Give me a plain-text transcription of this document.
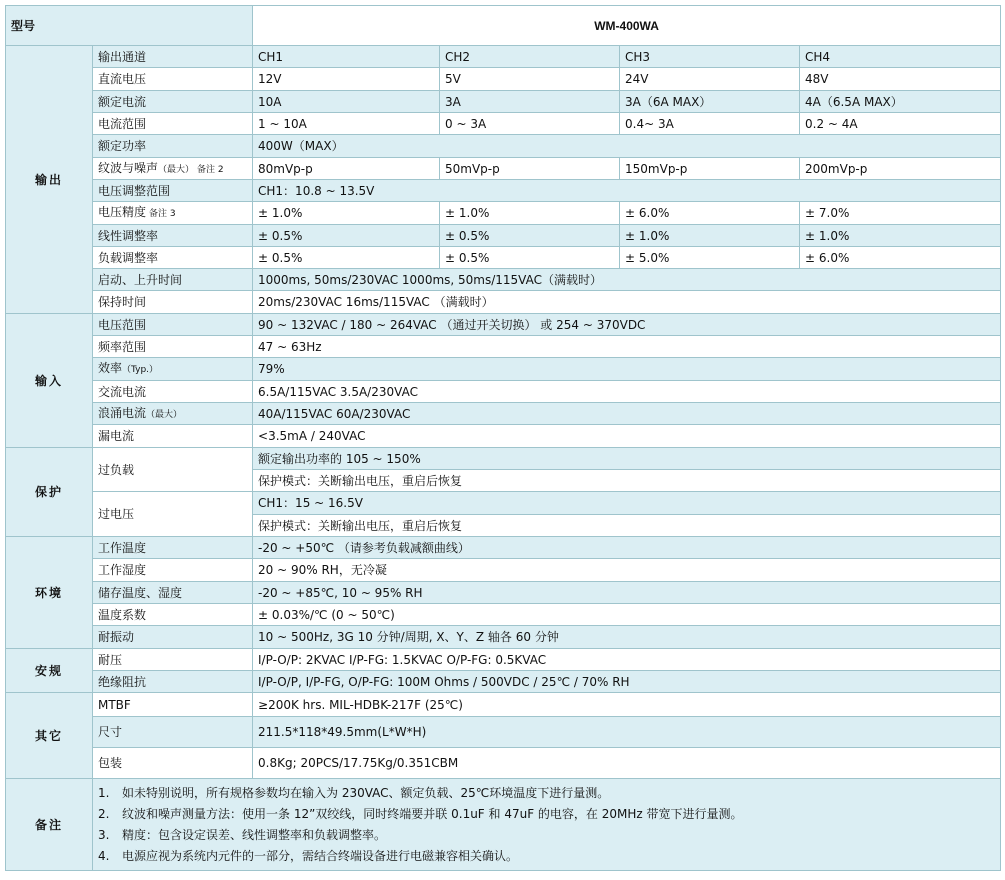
型号		WM-400WA			
输出	输出通道	CH1	CH2	CH3	CH4
	直流电压	12V	5V	24V	48V
	额定电流	10A	3A	3A（6A MAX）	4A（6.5A MAX）
	电流范围	1 ~ 10A	0 ~ 3A	0.4~ 3A	0.2 ~ 4A
	额定功率	400W（MAX）			
	纹波与噪声（最大） 备注 2	80mVp-p	50mVp-p	150mVp-p	200mVp-p
	电压调整范围	CH1：10.8 ~ 13.5V			
	电压精度 备注 3	± 1.0%	± 1.0%	± 6.0%	± 7.0%
	线性调整率	± 0.5%	± 0.5%	± 1.0%	± 1.0%
	负载调整率	± 0.5%	± 0.5%	± 5.0%	± 6.0%
	启动、上升时间	1000ms, 50ms/230VAC 1000ms, 50ms/115VAC（满载时）			
	保持时间	20ms/230VAC 16ms/115VAC （满载时）			
输入	电压范围	90 ~ 132VAC / 180 ~ 264VAC （通过开关切换） 或 254 ~ 370VDC			
	频率范围	47 ~ 63Hz			
	效率（Typ.）	79%			
	交流电流	6.5A/115VAC 3.5A/230VAC			
	浪涌电流（最大）	40A/115VAC 60A/230VAC			
	漏电流	<3.5mA / 240VAC			
保护	过负载	额定输出功率的 105 ~ 150%			
		保护模式：关断输出电压，重启后恢复			
	过电压	CH1：15 ~ 16.5V			
		保护模式：关断输出电压，重启后恢复			
环境	工作温度	-20 ~ +50℃ （请参考负载减额曲线）			
	工作湿度	20 ~ 90% RH，无冷凝			
	储存温度、湿度	-20 ~ +85℃, 10 ~ 95% RH			
	温度系数	± 0.03%/℃ (0 ~ 50℃)			
	耐振动	10 ~ 500Hz, 3G 10 分钟/周期, X、Y、Z 轴各 60 分钟			
安规	耐压	I/P-O/P: 2KVAC I/P-FG: 1.5KVAC O/P-FG: 0.5KVAC			
	绝缘阻抗	I/P-O/P, I/P-FG, O/P-FG: 100M Ohms / 500VDC / 25℃ / 70% RH			
其它	MTBF	≥200K hrs. MIL-HDBK-217F (25℃)			
	尺寸	211.5*118*49.5mm(L*W*H)			
	包装	0.8Kg; 20PCS/17.75Kg/0.351CBM			
备注	1. 如未特别说明，所有规格参数均在输入为 230VAC、额定负载、25℃环境温度下进行量测。
2. 纹波和噪声测量方法：使用一条 12”双绞线，同时终端要并联 0.1uF 和 47uF 的电容，在 20MHz 带宽下进行量测。
3. 精度：包含设定误差、线性调整率和负载调整率。
4. 电源应视为系统内元件的一部分，需结合终端设备进行电磁兼容相关确认。				
